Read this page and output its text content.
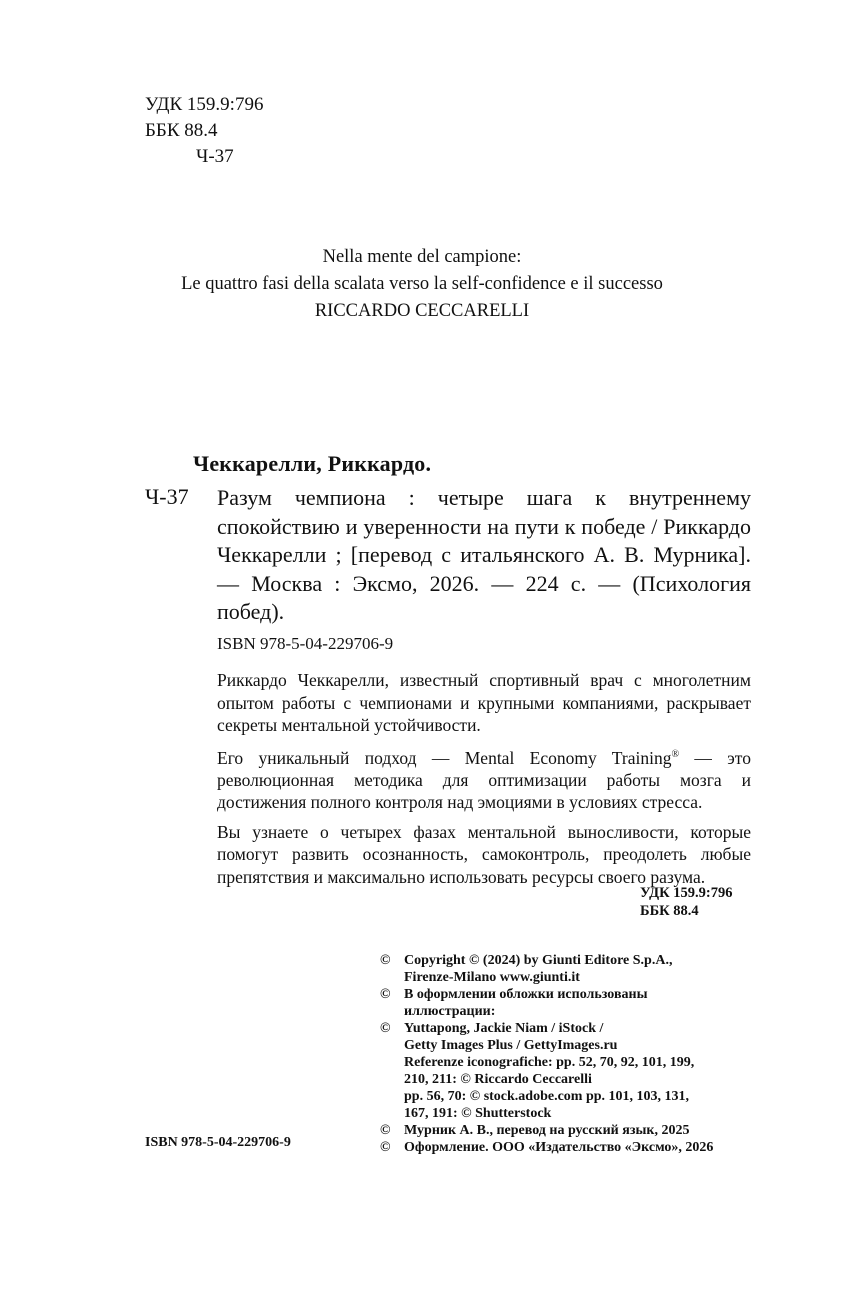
УДК 159.9:796
ББК 88.4
Ч-37
Nella mente del campione:
Le quattro fasi della scalata verso la self-confidence e il successo
RICCARDO CECCARELLI
Чеккарелли, Риккардо.
Ч-37 Разум чемпиона : четыре шага к внутреннему спокойствию и уверенности на пути к победе / Риккардо Чеккарелли ; [перевод с итальянского А. В. Мурника]. — Москва : Эксмо, 2026. — 224 с. — (Психология побед).
ISBN 978-5-04-229706-9

Риккардо Чеккарелли, известный спортивный врач с многолетним опытом работы с чемпионами и крупными компаниями, раскрывает секреты ментальной устойчивости.

Его уникальный подход — Mental Economy Training® — это революционная методика для оптимизации работы мозга и достижения полного контроля над эмоциями в условиях стресса.

Вы узнаете о четырех фазах ментальной выносливости, которые помогут развить осознанность, самоконтроль, преодолеть любые препятствия и максимально использовать ресурсы своего разума.

УДК 159.9:796
ББК 88.4
© Copyright © (2024) by Giunti Editore S.p.A.,
Firenze-Milano www.giunti.it
© В оформлении обложки использованы
иллюстрации:
© Yuttapong, Jackie Niam / iStock /
Getty Images Plus / GettyImages.ru
Referenze iconografiche: pp. 52, 70, 92, 101, 199,
210, 211: © Riccardo Ceccarelli
pp. 56, 70: © stock.adobe.com pp. 101, 103, 131,
167, 191: © Shutterstock
© Мурник А. В., перевод на русский язык, 2025
© Оформление. ООО «Издательство «Эксмо», 2026
ISBN 978-5-04-229706-9
